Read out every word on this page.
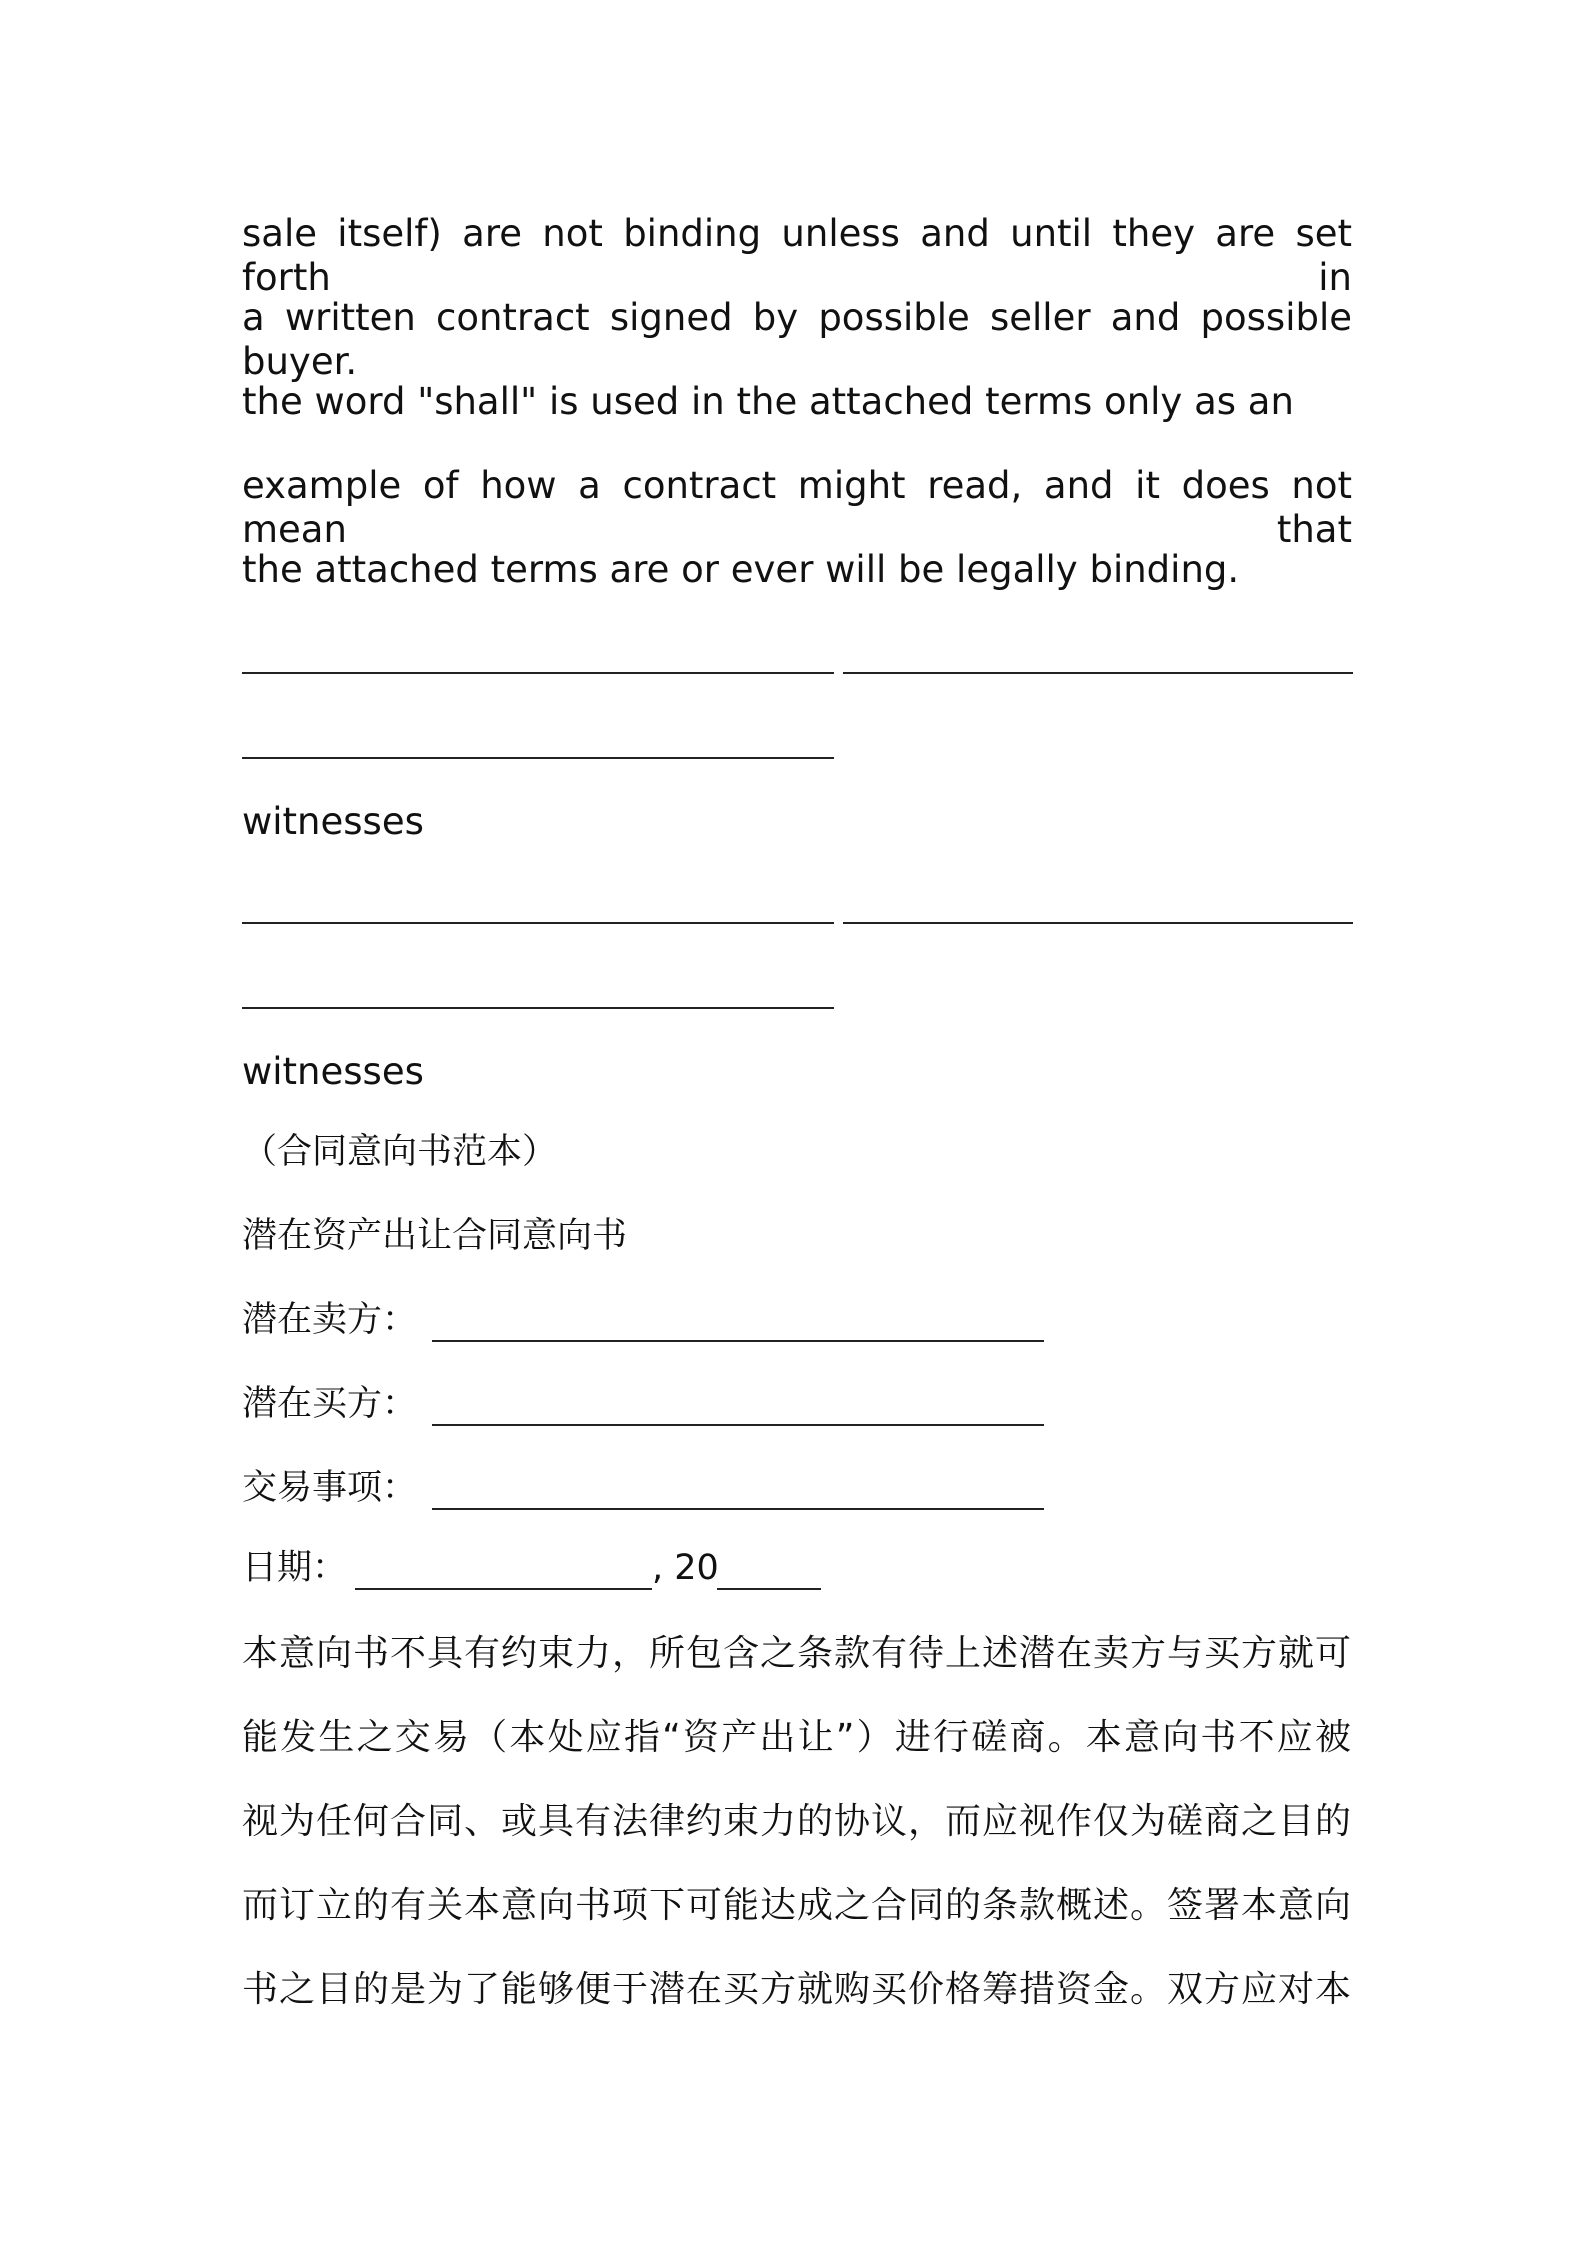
sale itself) are not binding unless and until they are set forth in
a written contract signed by possible seller and possible buyer.
the word "shall" is used in the attached terms only as an
example of how a contract might read, and it does not mean that
the attached terms are or ever will be legally binding.
witnesses
witnesses
（合同意向书范本）
潜在资产出让合同意向书
潜在卖方：
潜在买方：
交易事项：
日期：	, 20
本意向书不具有约束力，所包含之条款有待上述潜在卖方与买方就可
能发生之交易（本处应指“资产出让”）进行磋商。本意向书不应被
视为任何合同、或具有法律约束力的协议，而应视作仅为磋商之目的
而订立的有关本意向书项下可能达成之合同的条款概述。签署本意向
书之目的是为了能够便于潜在买方就购买价格筹措资金。双方应对本
